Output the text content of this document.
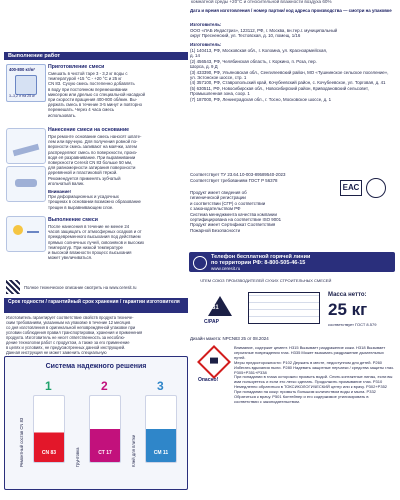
комнатной среды +20°C и относительной влажности воздуха 60%
Выполнение работ
400-800 кг/м²
3–3,2 л на 25 кг
Приготовление смеси
Смешать в чистой таре 3 - 3,2 кг воды с
температурой +15 °С - +20 °С и 25 кг
CN 83. Сухую смесь постепенно добавлять
в воду при постоянном перемешивании
миксером или дрелью со специальной насадкой
при скорости вращения 400-800 об/мин. Вы-
держать смесь в течение 3-5 минут и повторно
перемешать. Через 4 часа смесь
использовать.
Нанесение смеси на основание
При ремонте основание смесь наносят шпате-
лем или вручную. Для получения ровной по-
верхности смесь заливают на маячки, затем
распределяют смесь по поверхности, произ-
водя её разравнивание. При выравнивании
поверхности Ceresit CN 83 больше 50 мм,
для равномерности затирания поверхности
деревянной и пластиковой тёркой.
Рекомендуется применять зубчатый
игольчатый валик.
Внимание!
При деформационных и усадочных
трещинах в основании возможно образование
трещин в выравнивающем слое.
Выполнение смеси
После нанесения в течение не менее 24
часов защищать от атмосферных осадков и от
преждевременного высыхания под действием
прямых солнечных лучей, сквозняков и высоких
температур. При низкой температуре
и высокой влажности процесс высыхания
может увеличиваться.
Полное техническое описание смотреть на www.ceresit.ru
Срок годности / гарантийный срок хранения / гарантии изготовителя
Изготовитель гарантирует соответствие свойств продукта техниче-
ским требованиям, указанным на упаковке в течение 12 месяцев
со дня изготовления в оригинальной неповреждённой упаковке при
условии соблюдения правил транспортировки, хранения и применения
продукта. Изготовитель не несет ответственность за несоблю-
дение технологии работ с продуктом, а также за его применение
в целях и условиях, не предусмотренных данной инструкцией.
Данная инструкция не может заменить специальную
Система надежного решения
1	2	3
CN 83	CT 17	CM 11
Ремонтный состав CN 83	Грунтовка	Клей для плитки
Дата и время изготовления / номер партии/ код адреса производства — смотри на упаковке
Изготовитель:
ООО «ЛАБ Индастриз», 123112, РФ, г. Москва, вн.тер.г. муниципальный
округ Пресненский, ул. Тестовская, д. 10, помещ. 1/16
Изготовитель:
(1) 140413, РФ, Московская обл., г. Коломна, ул. Красноармейская,
д. 14
(2) 456543, РФ, Челябинская область, г. Коркино, п. Роза, пер.
Шорса, д. 9 Д
(3) 433390, РФ, Ульяновская обл., Сенгилеевский район, МО «Тушнинское сельское поселение», ул. Эстонское шоссе, стр. 1
(4) 357100, РФ, Ставропольский край, Кочубеевский район, с. Кочубеевское, ул. Торговая, д. 41
(5) 630511, РФ, Новосибирская обл., Новосибирский район, Криводановский сельсовет, Промышленная зона, соор. 1
(7) 187000, РФ, Ленинградская обл., г. Тосно, Московское шоссе, д. 1
Соответствует ТУ 23.64.10-003-89589540-2023
Соответствует требованиям ГОСТ Р 56378
Продукт имеет сведения об
гигиенической регистрации
и соответствии (СГР) о соответствии
с законодательством РФ
Система менеджмента качества компании
сертифицирована на соответствие ISO 9001
Продукт имеет Сертификат Соответствия
Пожарной Безопасности
ЕАС
Телефон бесплатной горячей линии
по территории РФ: 8-800-505-46-15
www.ceresit.ru
ЧТЕМ СОЮЗ ПРОИЗВОДИТЕЛЕЙ СУХИХ СТРОИТЕЛЬНЫХ СМЕСЕЙ
81
C/PAP
Масса нетто:
25 кг
соответствует ГОСТ 8.579
Дизайн макета: NPCN83 25 от 08.2024
Опасно!
Внимание, содержит цемент. H315 Вызывает раздражение кожи. H318 Вызывает серьезные повреждения глаз. H335 Может вызывать раздражение дыхательных путей.
Меры предосторожности: P102 Держать в месте, недоступном для детей. P260 Избегать вдыхания пыли. P280 Надевать защитные перчатки / средства защиты глаз. P305+P351+P338
При попадании в глаза осторожно промыть водой. Снять контактные линзы, если вы ими пользуетесь и если это легко сделать. Продолжить промывание глаз. P310 Немедленно обратиться в ТОКСИКОЛОГИЧЕСКИЙ центр или к врачу. P302+P352
При попадании на кожу: промыть большим количеством воды и мыла. P332 Обратиться к врачу. P501 Контейнер и его содержимое утилизировать в соответствии с законодательством.
